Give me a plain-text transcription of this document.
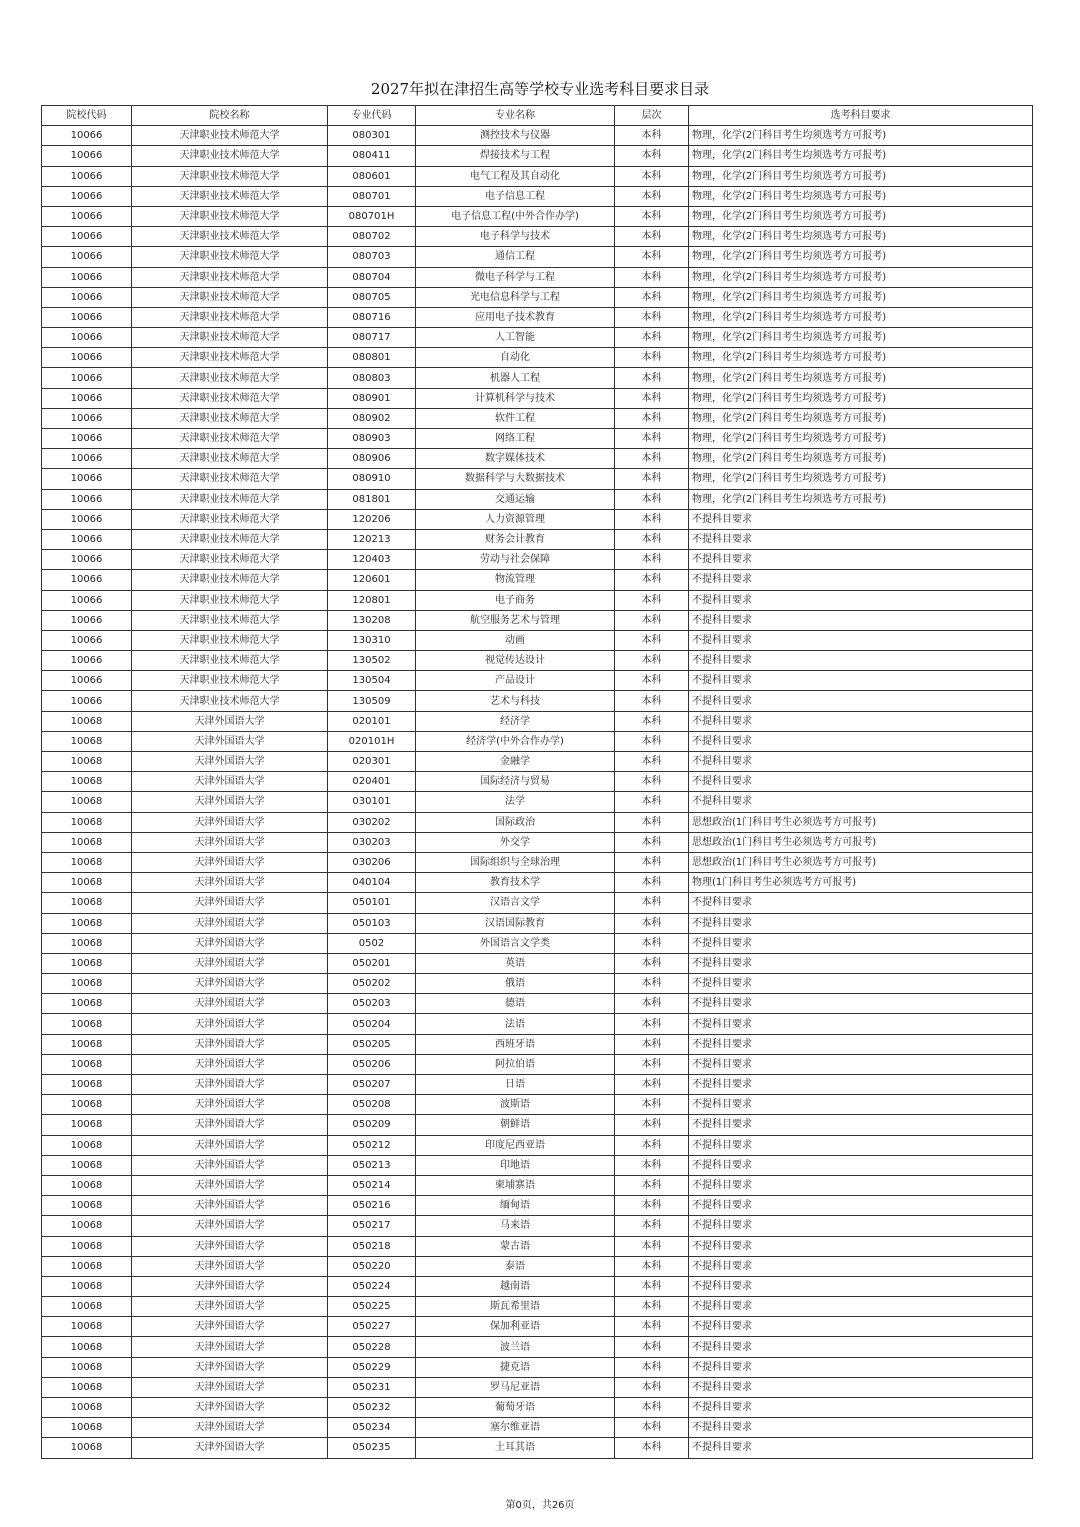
2027年拟在津招生高等学校专业选考科目要求目录
院校代码	院校名称	专业代码	专业名称	层次	选考科目要求
10066	天津职业技术师范大学	080301	测控技术与仪器	本科	物理，化学(2门科目考生均须选考方可报考)
10066	天津职业技术师范大学	080411	焊接技术与工程	本科	物理，化学(2门科目考生均须选考方可报考)
10066	天津职业技术师范大学	080601	电气工程及其自动化	本科	物理，化学(2门科目考生均须选考方可报考)
10066	天津职业技术师范大学	080701	电子信息工程	本科	物理，化学(2门科目考生均须选考方可报考)
10066	天津职业技术师范大学	080701H	电子信息工程(中外合作办学)	本科	物理，化学(2门科目考生均须选考方可报考)
10066	天津职业技术师范大学	080702	电子科学与技术	本科	物理，化学(2门科目考生均须选考方可报考)
10066	天津职业技术师范大学	080703	通信工程	本科	物理，化学(2门科目考生均须选考方可报考)
10066	天津职业技术师范大学	080704	微电子科学与工程	本科	物理，化学(2门科目考生均须选考方可报考)
10066	天津职业技术师范大学	080705	光电信息科学与工程	本科	物理，化学(2门科目考生均须选考方可报考)
10066	天津职业技术师范大学	080716	应用电子技术教育	本科	物理，化学(2门科目考生均须选考方可报考)
10066	天津职业技术师范大学	080717	人工智能	本科	物理，化学(2门科目考生均须选考方可报考)
10066	天津职业技术师范大学	080801	自动化	本科	物理，化学(2门科目考生均须选考方可报考)
10066	天津职业技术师范大学	080803	机器人工程	本科	物理，化学(2门科目考生均须选考方可报考)
10066	天津职业技术师范大学	080901	计算机科学与技术	本科	物理，化学(2门科目考生均须选考方可报考)
10066	天津职业技术师范大学	080902	软件工程	本科	物理，化学(2门科目考生均须选考方可报考)
10066	天津职业技术师范大学	080903	网络工程	本科	物理，化学(2门科目考生均须选考方可报考)
10066	天津职业技术师范大学	080906	数字媒体技术	本科	物理，化学(2门科目考生均须选考方可报考)
10066	天津职业技术师范大学	080910	数据科学与大数据技术	本科	物理，化学(2门科目考生均须选考方可报考)
10066	天津职业技术师范大学	081801	交通运输	本科	物理，化学(2门科目考生均须选考方可报考)
10066	天津职业技术师范大学	120206	人力资源管理	本科	不提科目要求
10066	天津职业技术师范大学	120213	财务会计教育	本科	不提科目要求
10066	天津职业技术师范大学	120403	劳动与社会保障	本科	不提科目要求
10066	天津职业技术师范大学	120601	物流管理	本科	不提科目要求
10066	天津职业技术师范大学	120801	电子商务	本科	不提科目要求
10066	天津职业技术师范大学	130208	航空服务艺术与管理	本科	不提科目要求
10066	天津职业技术师范大学	130310	动画	本科	不提科目要求
10066	天津职业技术师范大学	130502	视觉传达设计	本科	不提科目要求
10066	天津职业技术师范大学	130504	产品设计	本科	不提科目要求
10066	天津职业技术师范大学	130509	艺术与科技	本科	不提科目要求
10068	天津外国语大学	020101	经济学	本科	不提科目要求
10068	天津外国语大学	020101H	经济学(中外合作办学)	本科	不提科目要求
10068	天津外国语大学	020301	金融学	本科	不提科目要求
10068	天津外国语大学	020401	国际经济与贸易	本科	不提科目要求
10068	天津外国语大学	030101	法学	本科	不提科目要求
10068	天津外国语大学	030202	国际政治	本科	思想政治(1门科目考生必须选考方可报考)
10068	天津外国语大学	030203	外交学	本科	思想政治(1门科目考生必须选考方可报考)
10068	天津外国语大学	030206	国际组织与全球治理	本科	思想政治(1门科目考生必须选考方可报考)
10068	天津外国语大学	040104	教育技术学	本科	物理(1门科目考生必须选考方可报考)
10068	天津外国语大学	050101	汉语言文学	本科	不提科目要求
10068	天津外国语大学	050103	汉语国际教育	本科	不提科目要求
10068	天津外国语大学	0502	外国语言文学类	本科	不提科目要求
10068	天津外国语大学	050201	英语	本科	不提科目要求
10068	天津外国语大学	050202	俄语	本科	不提科目要求
10068	天津外国语大学	050203	德语	本科	不提科目要求
10068	天津外国语大学	050204	法语	本科	不提科目要求
10068	天津外国语大学	050205	西班牙语	本科	不提科目要求
10068	天津外国语大学	050206	阿拉伯语	本科	不提科目要求
10068	天津外国语大学	050207	日语	本科	不提科目要求
10068	天津外国语大学	050208	波斯语	本科	不提科目要求
10068	天津外国语大学	050209	朝鲜语	本科	不提科目要求
10068	天津外国语大学	050212	印度尼西亚语	本科	不提科目要求
10068	天津外国语大学	050213	印地语	本科	不提科目要求
10068	天津外国语大学	050214	柬埔寨语	本科	不提科目要求
10068	天津外国语大学	050216	缅甸语	本科	不提科目要求
10068	天津外国语大学	050217	马来语	本科	不提科目要求
10068	天津外国语大学	050218	蒙古语	本科	不提科目要求
10068	天津外国语大学	050220	泰语	本科	不提科目要求
10068	天津外国语大学	050224	越南语	本科	不提科目要求
10068	天津外国语大学	050225	斯瓦希里语	本科	不提科目要求
10068	天津外国语大学	050227	保加利亚语	本科	不提科目要求
10068	天津外国语大学	050228	波兰语	本科	不提科目要求
10068	天津外国语大学	050229	捷克语	本科	不提科目要求
10068	天津外国语大学	050231	罗马尼亚语	本科	不提科目要求
10068	天津外国语大学	050232	葡萄牙语	本科	不提科目要求
10068	天津外国语大学	050234	塞尔维亚语	本科	不提科目要求
10068	天津外国语大学	050235	土耳其语	本科	不提科目要求
第0页，共26页
